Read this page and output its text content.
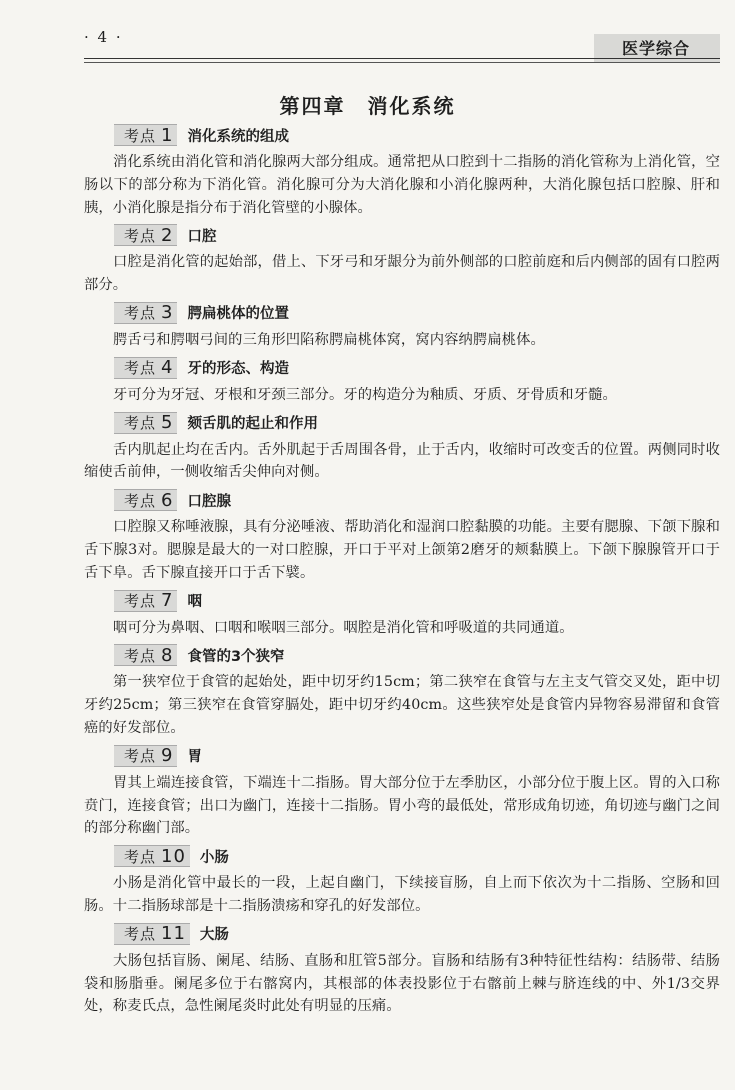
· 4 ·
医学综合
第四章 消化系统
考点 1 消化系统的组成

消化系统由消化管和消化腺两大部分组成。通常把从口腔到十二指肠的消化管称为上消化管，空肠以下的部分称为下消化管。消化腺可分为大消化腺和小消化腺两种，大消化腺包括口腔腺、肝和胰，小消化腺是指分布于消化管壁的小腺体。

考点 2 口腔

口腔是消化管的起始部，借上、下牙弓和牙龈分为前外侧部的口腔前庭和后内侧部的固有口腔两部分。

考点 3 腭扁桃体的位置

腭舌弓和腭咽弓间的三角形凹陷称腭扁桃体窝，窝内容纳腭扁桃体。

考点 4 牙的形态、构造

牙可分为牙冠、牙根和牙颈三部分。牙的构造分为釉质、牙质、牙骨质和牙髓。

考点 5 颏舌肌的起止和作用

舌内肌起止均在舌内。舌外肌起于舌周围各骨，止于舌内，收缩时可改变舌的位置。两侧同时收缩使舌前伸，一侧收缩舌尖伸向对侧。

考点 6 口腔腺

口腔腺又称唾液腺，具有分泌唾液、帮助消化和湿润口腔黏膜的功能。主要有腮腺、下颌下腺和舌下腺3对。腮腺是最大的一对口腔腺，开口于平对上颌第2磨牙的颊黏膜上。下颌下腺腺管开口于舌下阜。舌下腺直接开口于舌下襞。

考点 7 咽

咽可分为鼻咽、口咽和喉咽三部分。咽腔是消化管和呼吸道的共同通道。

考点 8 食管的3个狭窄

第一狭窄位于食管的起始处，距中切牙约15cm；第二狭窄在食管与左主支气管交叉处，距中切牙约25cm；第三狭窄在食管穿膈处，距中切牙约40cm。这些狭窄处是食管内异物容易滞留和食管癌的好发部位。

考点 9 胃

胃其上端连接食管，下端连十二指肠。胃大部分位于左季肋区，小部分位于腹上区。胃的入口称贲门，连接食管；出口为幽门，连接十二指肠。胃小弯的最低处，常形成角切迹，角切迹与幽门之间的部分称幽门部。

考点 10 小肠

小肠是消化管中最长的一段，上起自幽门，下续接盲肠，自上而下依次为十二指肠、空肠和回肠。十二指肠球部是十二指肠溃疡和穿孔的好发部位。

考点 11 大肠

大肠包括盲肠、阑尾、结肠、直肠和肛管5部分。盲肠和结肠有3种特征性结构：结肠带、结肠袋和肠脂垂。阑尾多位于右髂窝内，其根部的体表投影位于右髂前上棘与脐连线的中、外1/3交界处，称麦氏点，急性阑尾炎时此处有明显的压痛。
